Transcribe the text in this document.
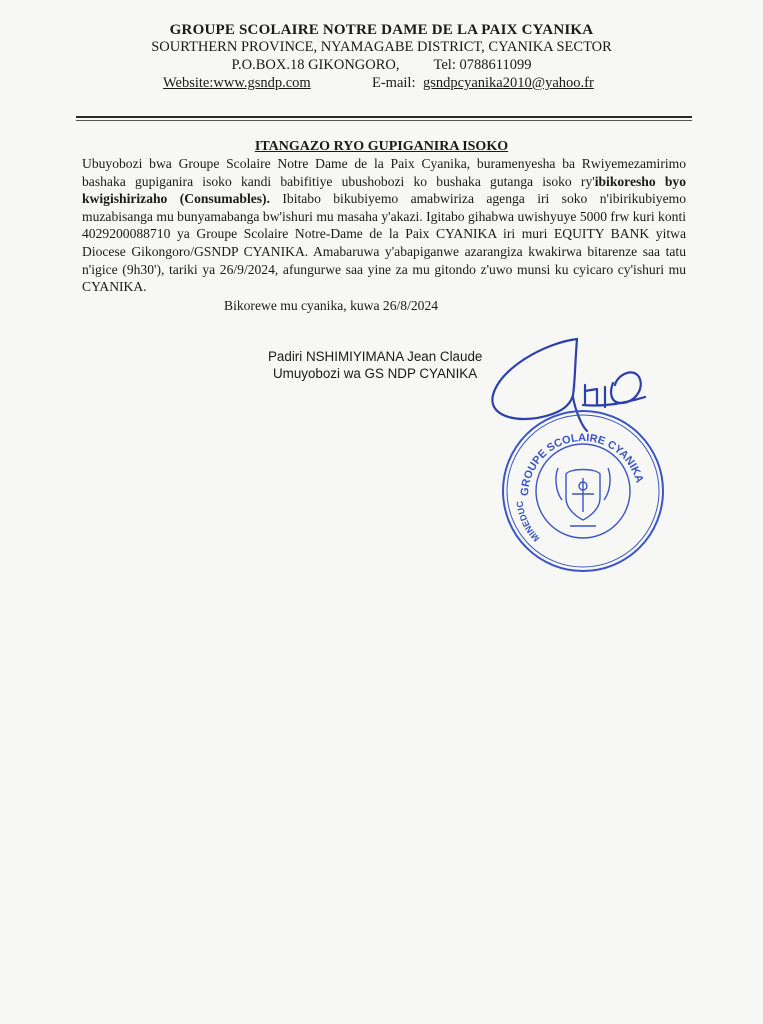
GROUPE SCOLAIRE NOTRE DAME DE LA PAIX CYANIKA
SOURTHERN PROVINCE, NYAMAGABE DISTRICT, CYANIKA SECTOR
P.O.BOX.18 GIKONGORO, Tel: 0788611099
Website:www.gsndp.com	E-mail: gsndpcyanika2010@yahoo.fr
ITANGAZO RYO GUPIGANIRA ISOKO
Ubuyobozi bwa Groupe Scolaire Notre Dame de la Paix Cyanika, buramenyesha ba Rwiyemezamirimo bashaka gupiganira isoko kandi babifitiye ubushobozi ko bushaka gutanga isoko ry'ibikoresho byo kwigishirizaho (Consumables). Ibitabo bikubiyemo amabwiriza agenga iri soko n'ibirikubiyemo muzabisanga mu bunyamabanga bw'ishuri mu masaha y'akazi. Igitabo gihabwa uwishyuye 5000 frw kuri konti 4029200088710 ya Groupe Scolaire Notre-Dame de la Paix CYANIKA iri muri EQUITY BANK yitwa Diocese Gikongoro/GSNDP CYANIKA. Amabaruwa y'abapiganwe azarangiza kwakirwa bitarenze saa tatu n'igice (9h30'), tariki ya 26/9/2024, afungurwe saa yine za mu gitondo z'uwo munsi ku cyicaro cy'ishuri mu CYANIKA.
Bikorewe mu cyanika, kuwa 26/8/2024
Padiri NSHIMIYIMANA Jean Claude
Umuyobozi wa GS NDP CYANIKA
GROUPE SCOLAIRE CYANIKA
MINEDUC
